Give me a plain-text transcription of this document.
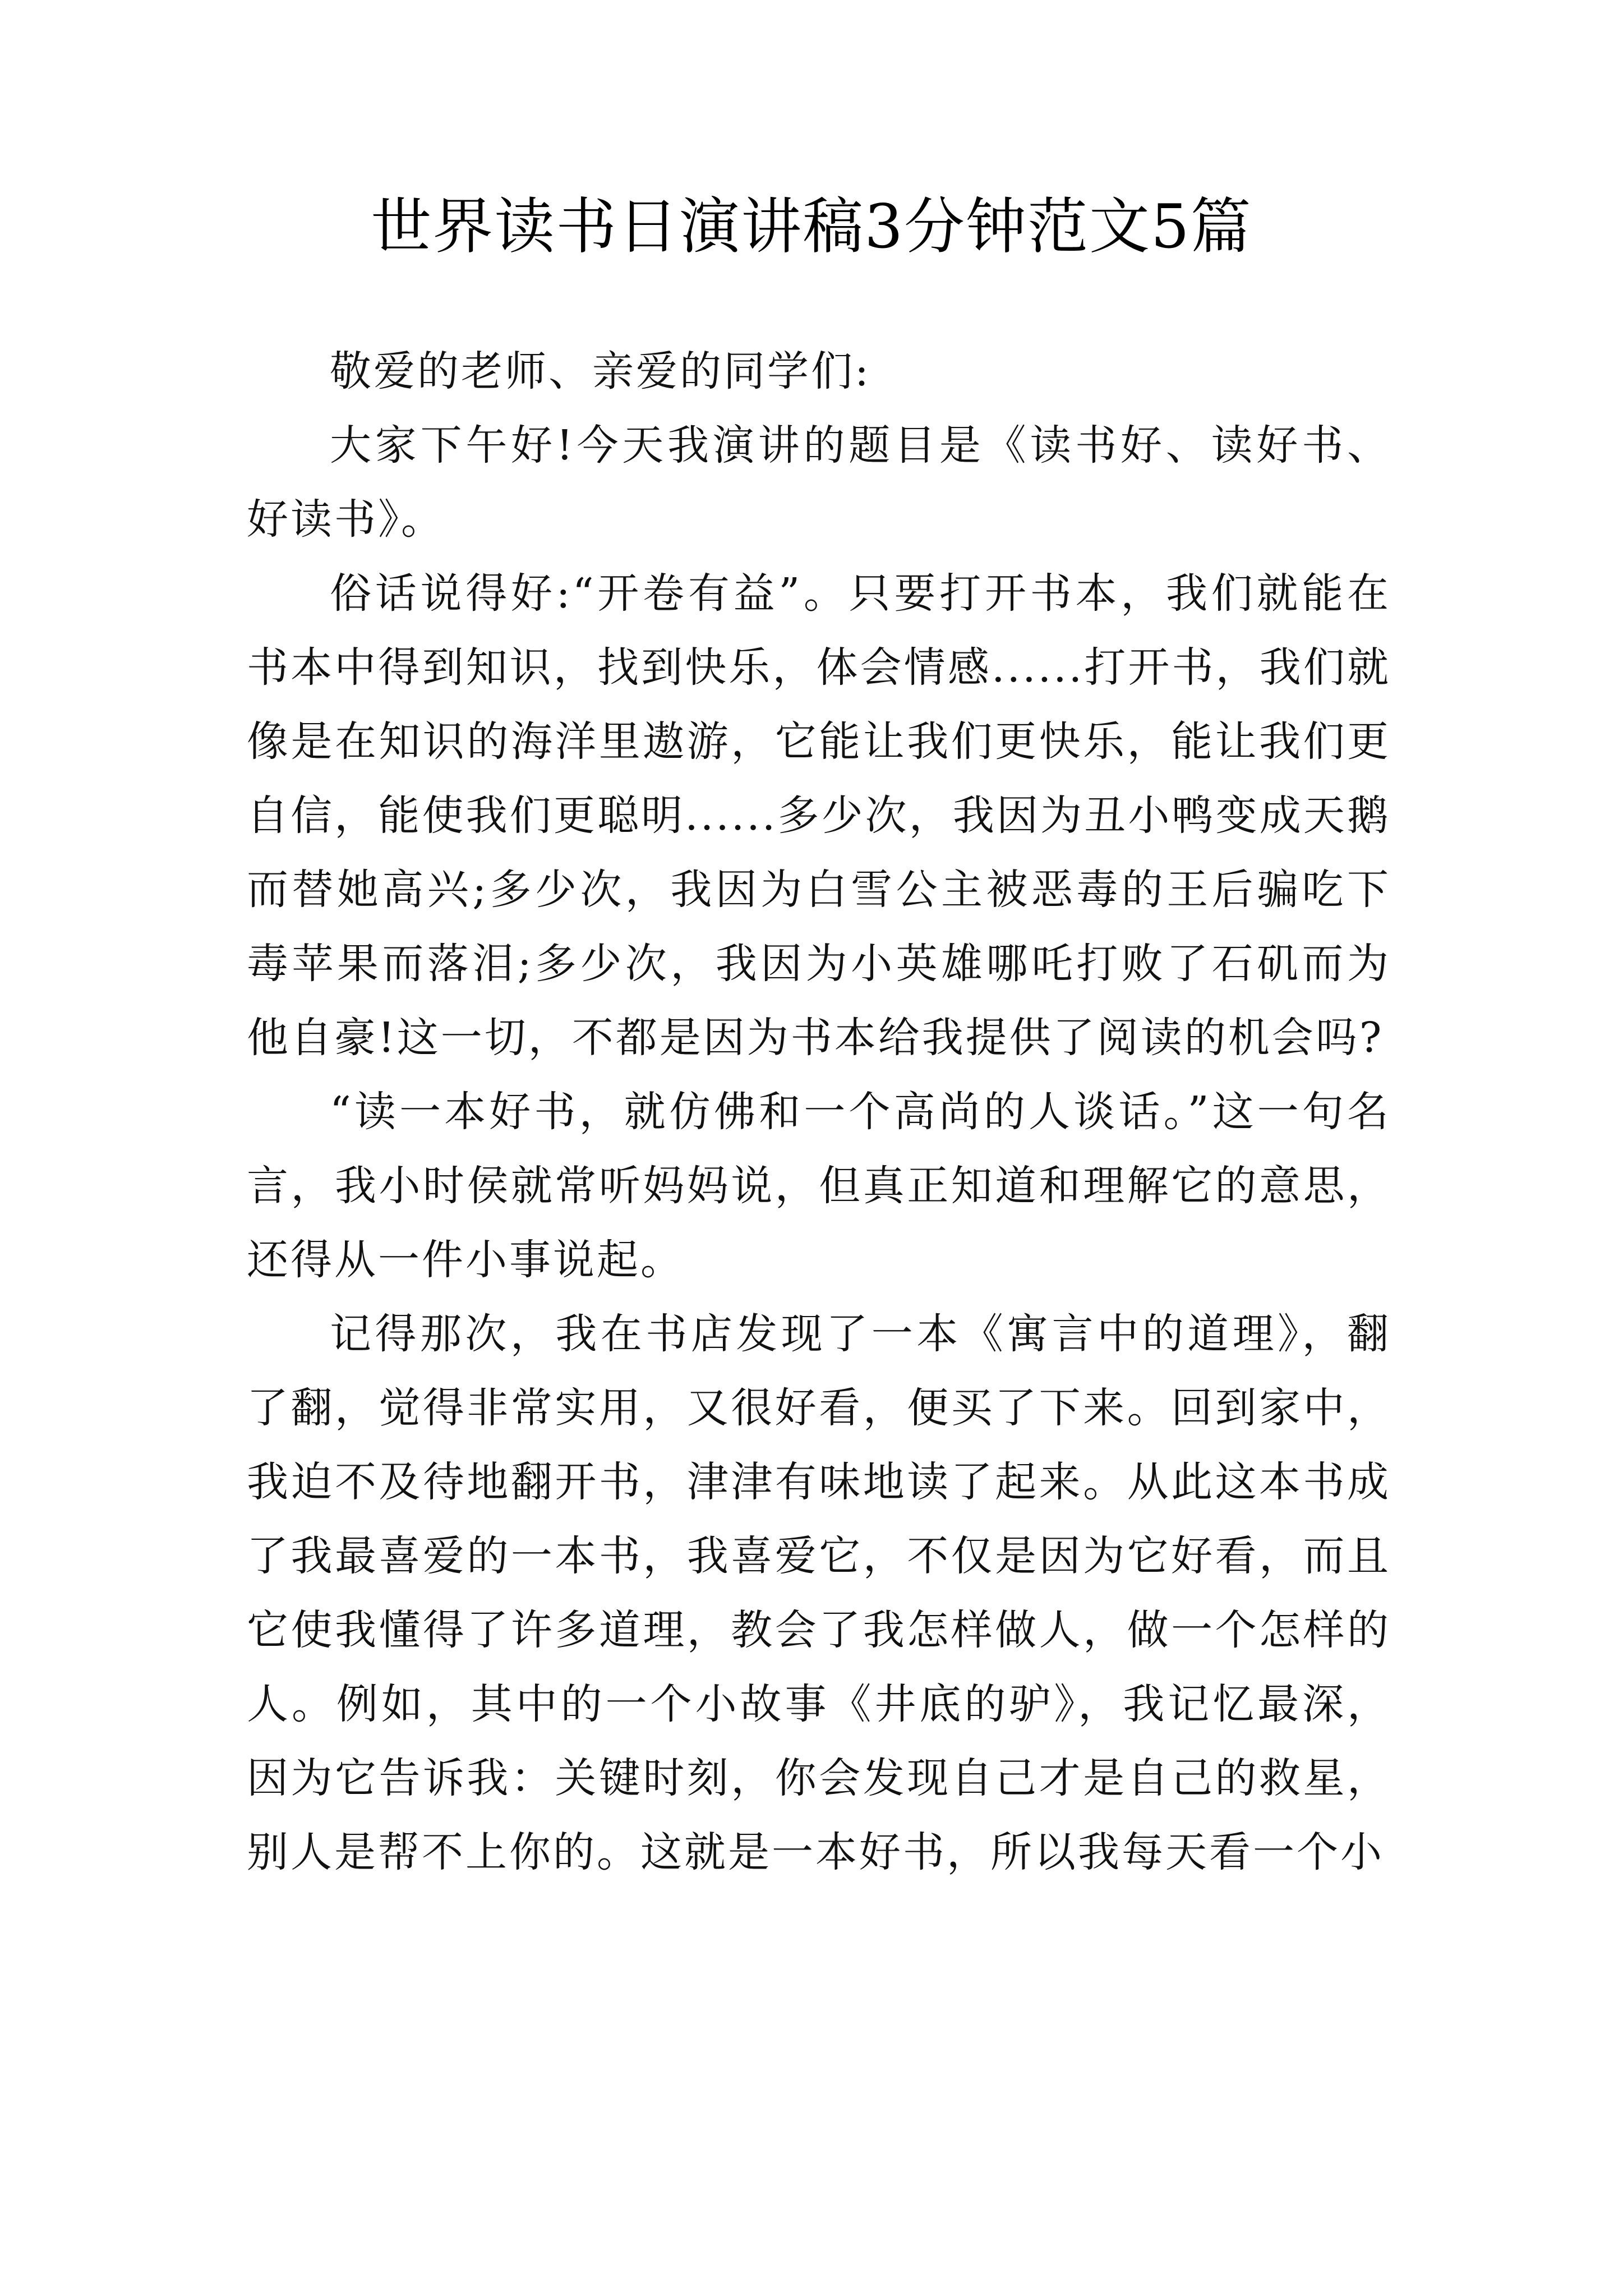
世界读书日演讲稿3分钟范文5篇

敬爱的老师、亲爱的同学们:

大家下午好!今天我演讲的题目是《读书好、读好书、好读书》。

俗话说得好:“开卷有益”。只要打开书本，我们就能在书本中得到知识，找到快乐，体会情感......打开书，我们就像是在知识的海洋里遨游，它能让我们更快乐，能让我们更自信，能使我们更聪明......多少次，我因为丑小鸭变成天鹅而替她高兴;多少次，我因为白雪公主被恶毒的王后骗吃下毒苹果而落泪;多少次，我因为小英雄哪吒打败了石矶而为他自豪!这一切，不都是因为书本给我提供了阅读的机会吗?

“读一本好书，就仿佛和一个高尚的人谈话。”这一句名言，我小时侯就常听妈妈说，但真正知道和理解它的意思，还得从一件小事说起。

记得那次，我在书店发现了一本《寓言中的道理》，翻了翻，觉得非常实用，又很好看，便买了下来。回到家中，我迫不及待地翻开书，津津有味地读了起来。从此这本书成了我最喜爱的一本书，我喜爱它，不仅是因为它好看，而且它使我懂得了许多道理，教会了我怎样做人，做一个怎样的人。例如，其中的一个小故事《井底的驴》，我记忆最深，因为它告诉我：关键时刻，你会发现自己才是自己的救星，别人是帮不上你的。这就是一本好书，所以我每天看一个小
